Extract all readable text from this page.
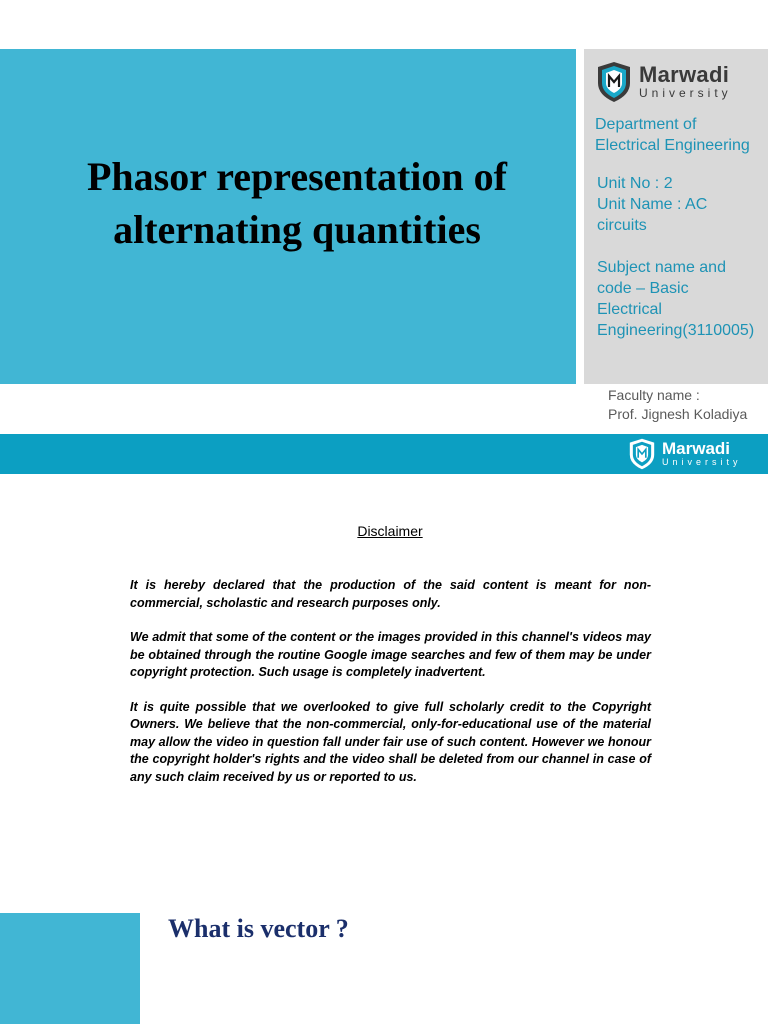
Phasor representation of
alternating quantities
Marwadi
University
Department of
Electrical Engineering
Unit No : 2
Unit Name : AC
circuits
Subject name and
code – Basic
Electrical
Engineering(3110005)
Faculty name :
Prof. Jignesh Koladiya
Marwadi
University
Disclaimer

It is hereby declared that the production of the said content is meant for non-commercial, scholastic and research purposes only.

We admit that some of the content or the images provided in this channel's videos may be obtained through the routine Google image searches and few of them may be under copyright protection. Such usage is completely inadvertent.

It is quite possible that we overlooked to give full scholarly credit to the Copyright Owners. We believe that the non-commercial, only-for-educational use of the material may allow the video in question fall under fair use of such content. However we honour the copyright holder's rights and the video shall be deleted from our channel in case of any such claim received by us or reported to us.

What is vector ?
